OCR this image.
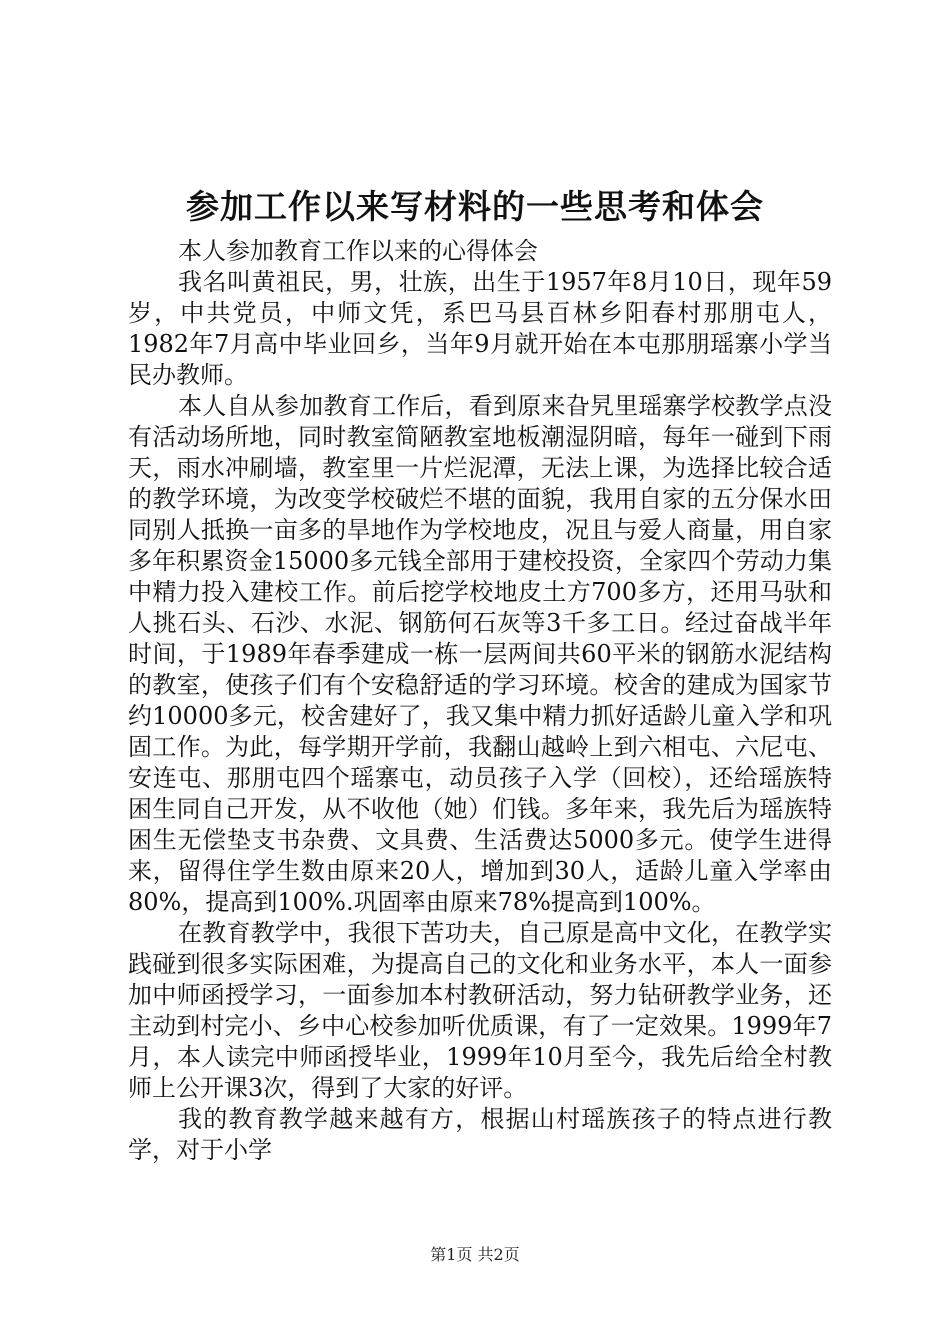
参加工作以来写材料的一些思考和体会

本人参加教育工作以来的心得体会

我名叫黄祖民，男，壮族，出生于1957年8月10日，现年59岁，中共党员，中师文凭，系巴马县百林乡阳春村那朋屯人，1982年7月高中毕业回乡，当年9月就开始在本屯那朋瑶寨小学当民办教师。

本人自从参加教育工作后，看到原来旮旯里瑶寨学校教学点没有活动场所地，同时教室简陋教室地板潮湿阴暗，每年一碰到下雨天，雨水冲刷墙，教室里一片烂泥潭，无法上课，为选择比较合适的教学环境，为改变学校破烂不堪的面貌，我用自家的五分保水田同别人抵换一亩多的旱地作为学校地皮，况且与爱人商量，用自家多年积累资金15000多元钱全部用于建校投资，全家四个劳动力集中精力投入建校工作。前后挖学校地皮土方700多方，还用马驮和人挑石头、石沙、水泥、钢筋何石灰等3千多工日。经过奋战半年时间，于1989年春季建成一栋一层两间共60平米的钢筋水泥结构的教室，使孩子们有个安稳舒适的学习环境。校舍的建成为国家节约10000多元，校舍建好了，我又集中精力抓好适龄儿童入学和巩固工作。为此，每学期开学前，我翻山越岭上到六相屯、六尼屯、安连屯、那朋屯四个瑶寨屯，动员孩子入学（回校），还给瑶族特困生同自己开发，从不收他（她）们钱。多年来，我先后为瑶族特困生无偿垫支书杂费、文具费、生活费达5000多元。使学生进得来，留得住学生数由原来20人，增加到30人，适龄儿童入学率由80%，提高到100%.巩固率由原来78%提高到100%。

在教育教学中，我很下苦功夫，自己原是高中文化，在教学实践碰到很多实际困难，为提高自己的文化和业务水平，本人一面参加中师函授学习，一面参加本村教研活动，努力钻研教学业务，还主动到村完小、乡中心校参加听优质课，有了一定效果。1999年7月，本人读完中师函授毕业，1999年10月至今，我先后给全村教师上公开课3次，得到了大家的好评。

我的教育教学越来越有方，根据山村瑶族孩子的特点进行教学，对于小学

第1页 共2页
